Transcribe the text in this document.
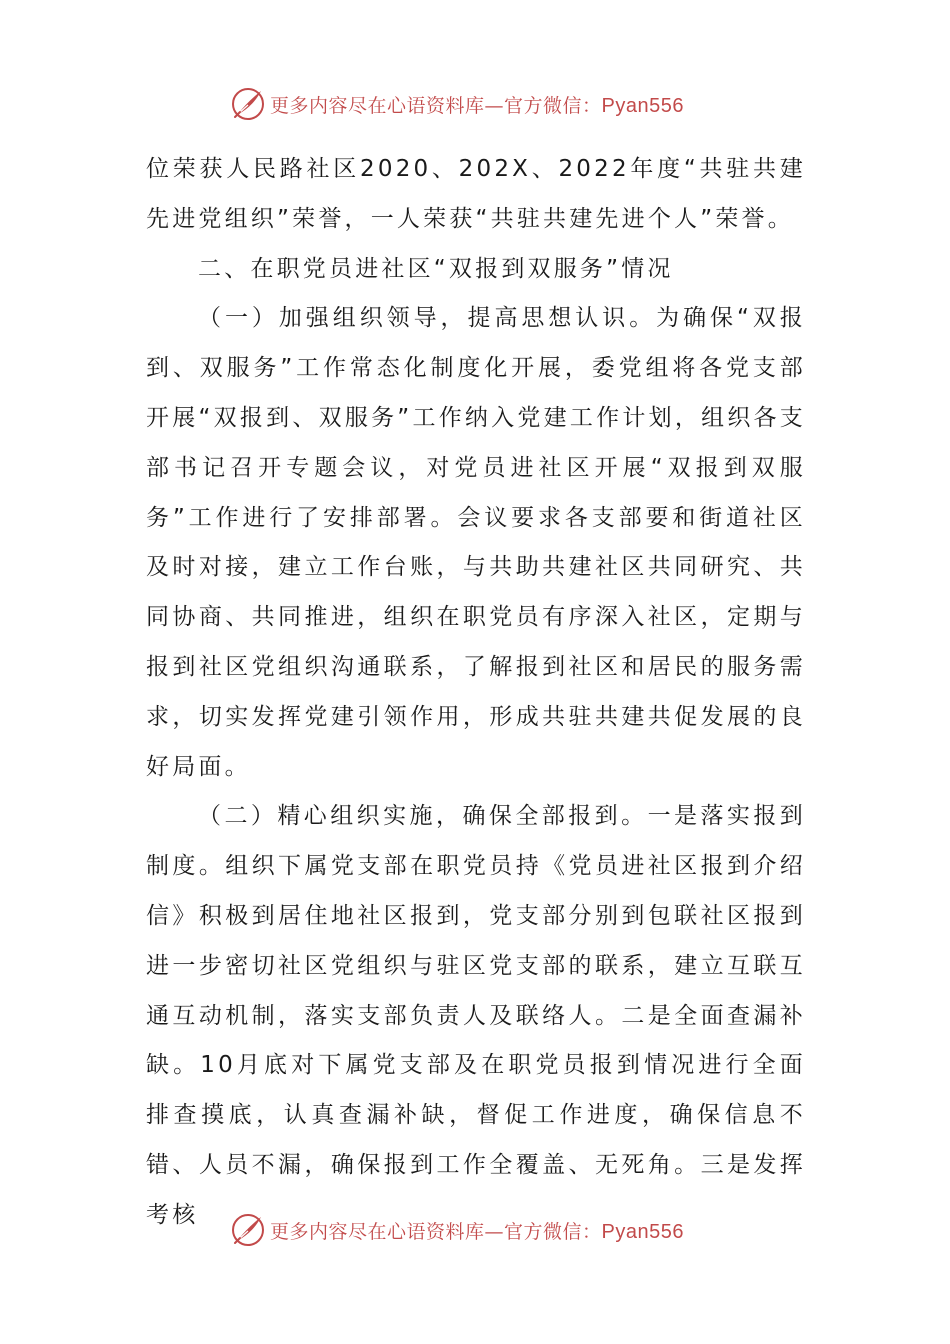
更多内容尽在心语资料库—官方微信：Pyan556

位荣获人民路社区2020、202X、2022年度“共驻共建先进党组织”荣誉，一人荣获“共驻共建先进个人”荣誉。

二、在职党员进社区“双报到双服务”情况

（一）加强组织领导，提高思想认识。为确保“双报到、双服务”工作常态化制度化开展，委党组将各党支部开展“双报到、双服务”工作纳入党建工作计划，组织各支部书记召开专题会议，对党员进社区开展“双报到双服务”工作进行了安排部署。会议要求各支部要和街道社区及时对接，建立工作台账，与共助共建社区共同研究、共同协商、共同推进，组织在职党员有序深入社区，定期与报到社区党组织沟通联系，了解报到社区和居民的服务需求，切实发挥党建引领作用，形成共驻共建共促发展的良好局面。

（二）精心组织实施，确保全部报到。一是落实报到制度。组织下属党支部在职党员持《党员进社区报到介绍信》积极到居住地社区报到，党支部分别到包联社区报到进一步密切社区党组织与驻区党支部的联系，建立互联互通互动机制，落实支部负责人及联络人。二是全面查漏补缺。10月底对下属党支部及在职党员报到情况进行全面排查摸底，认真查漏补缺，督促工作进度，确保信息不错、人员不漏，确保报到工作全覆盖、无死角。三是发挥考核

更多内容尽在心语资料库—官方微信：Pyan556
